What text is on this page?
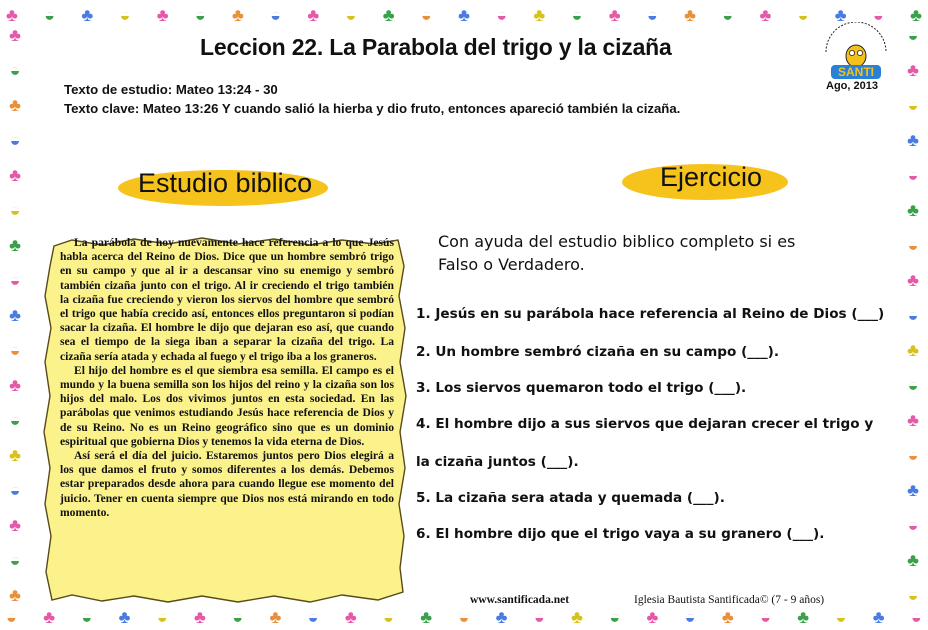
♣ ◒ ♣ ◒ ♣ ◒ ♣ ◒ ♣ ◒ ♣ ◒ ♣ ◒ ♣ ◒ ♣ ◒ ♣ ◒ ♣ ◒ ♣ ◒ ♣
◒ ♣ ◒ ♣ ◒ ♣ ◒ ♣ ◒ ♣ ◒ ♣ ◒ ♣ ◒ ♣ ◒ ♣ ◒ ♣ ◒ ♣ ◒ ♣ ◒
♣
◒
♣
◒
♣
◒
♣
◒
♣
◒
♣
◒
♣
◒
♣
◒
♣
◒
♣
◒
♣
◒
♣
◒
♣
◒
♣
◒
♣
◒
♣
◒
♣
◒
Leccion 22. La Parabola del trigo y la cizaña
Texto de estudio: Mateo 13:24 - 30
Texto clave: Mateo 13:26 Y cuando salió la hierba y dio fruto, entonces apareció también la cizaña.
SANTI
Ago, 2013
Estudio biblico	Ejercicio

La parábola de hoy nuevamente hace referencia a lo que Jesús habla acerca del Reino de Dios. Dice que un hombre sembró trigo en su campo y que al ir a descansar vino su enemigo y sembró también cizaña junto con el trigo. Al ir creciendo el trigo también la cizaña fue creciendo y vieron los siervos del hombre que sembró el trigo que había crecido así, entonces ellos preguntaron si podían sacar la cizaña. El hombre le dijo que dejaran eso así, que cuando sea el tiempo de la siega iban a separar la cizaña del trigo. La cizaña sería atada y echada al fuego y el trigo iba a los graneros.

El hijo del hombre es el que siembra esa semilla. El campo es el mundo y la buena semilla son los hijos del reino y la cizaña son los hijos del malo. Los dos vivimos juntos en esta sociedad. En las parábolas que venimos estudiando Jesús hace referencia de Dios y de su Reino. No es un Reino geográfico sino que es un dominio espiritual que gobierna Dios y tenemos la vida eterna de Dios.

Así será el día del juicio. Estaremos juntos pero Dios elegirá a los que damos el fruto y somos diferentes a los demás. Debemos estar preparados desde ahora para cuando llegue ese momento del juicio. Tener en cuenta siempre que Dios nos está mirando en todo momento.

Con ayuda del estudio biblico completo si es
Falso o Verdadero.
1. Jesús en su parábola hace referencia al Reino de Dios (___)
2. Un hombre sembró cizaña en su campo (___).
3. Los siervos quemaron todo el trigo (___).
4. El hombre dijo a sus siervos que dejaran crecer el trigo y
la cizaña juntos (___).
5. La cizaña sera atada y quemada (___).
6. El hombre dijo que el trigo vaya a su granero (___).
www.santificada.net	Iglesia Bautista Santificada© (7 - 9 años)
